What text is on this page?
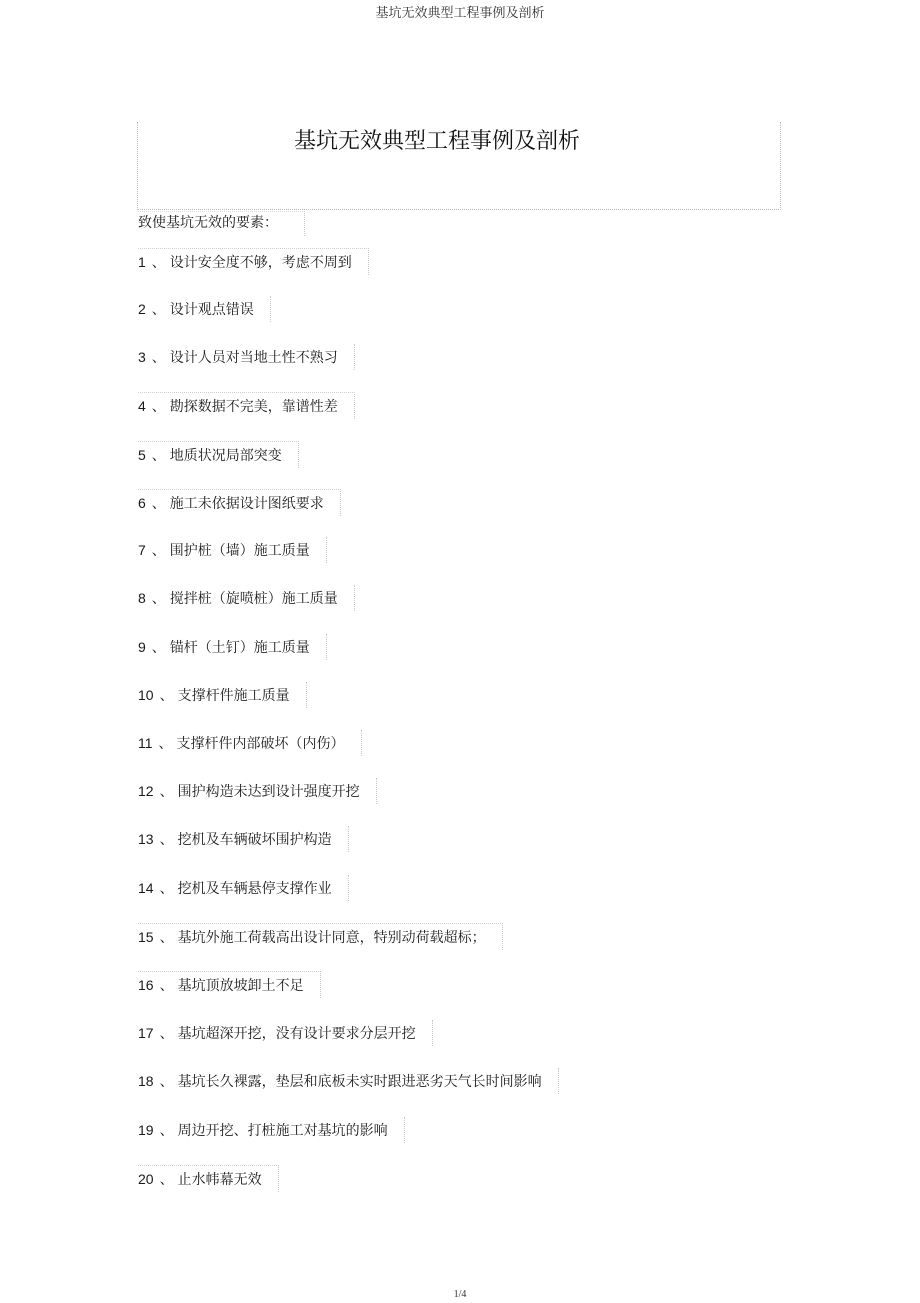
基坑无效典型工程事例及剖析
基坑无效典型工程事例及剖析
致使基坑无效的要素：
1 、 设计安全度不够，考虑不周到
2 、 设计观点错误
3 、 设计人员对当地土性不熟习
4 、 勘探数据不完美，靠谱性差
5 、 地质状况局部突变
6 、 施工未依据设计图纸要求
7 、 围护桩（墙）施工质量
8 、 搅拌桩（旋喷桩）施工质量
9 、 锚杆（土钉）施工质量
10 、 支撑杆件施工质量
11 、 支撑杆件内部破坏（内伤）
12 、 围护构造未达到设计强度开挖
13 、 挖机及车辆破坏围护构造
14 、 挖机及车辆悬停支撑作业
15 、 基坑外施工荷载高出设计同意，特别动荷载超标；
16 、 基坑顶放坡卸土不足
17 、 基坑超深开挖，没有设计要求分层开挖
18 、 基坑长久裸露，垫层和底板未实时跟进恶劣天气长时间影响
19 、 周边开挖、打桩施工对基坑的影响
20 、 止水帏幕无效
1/4
